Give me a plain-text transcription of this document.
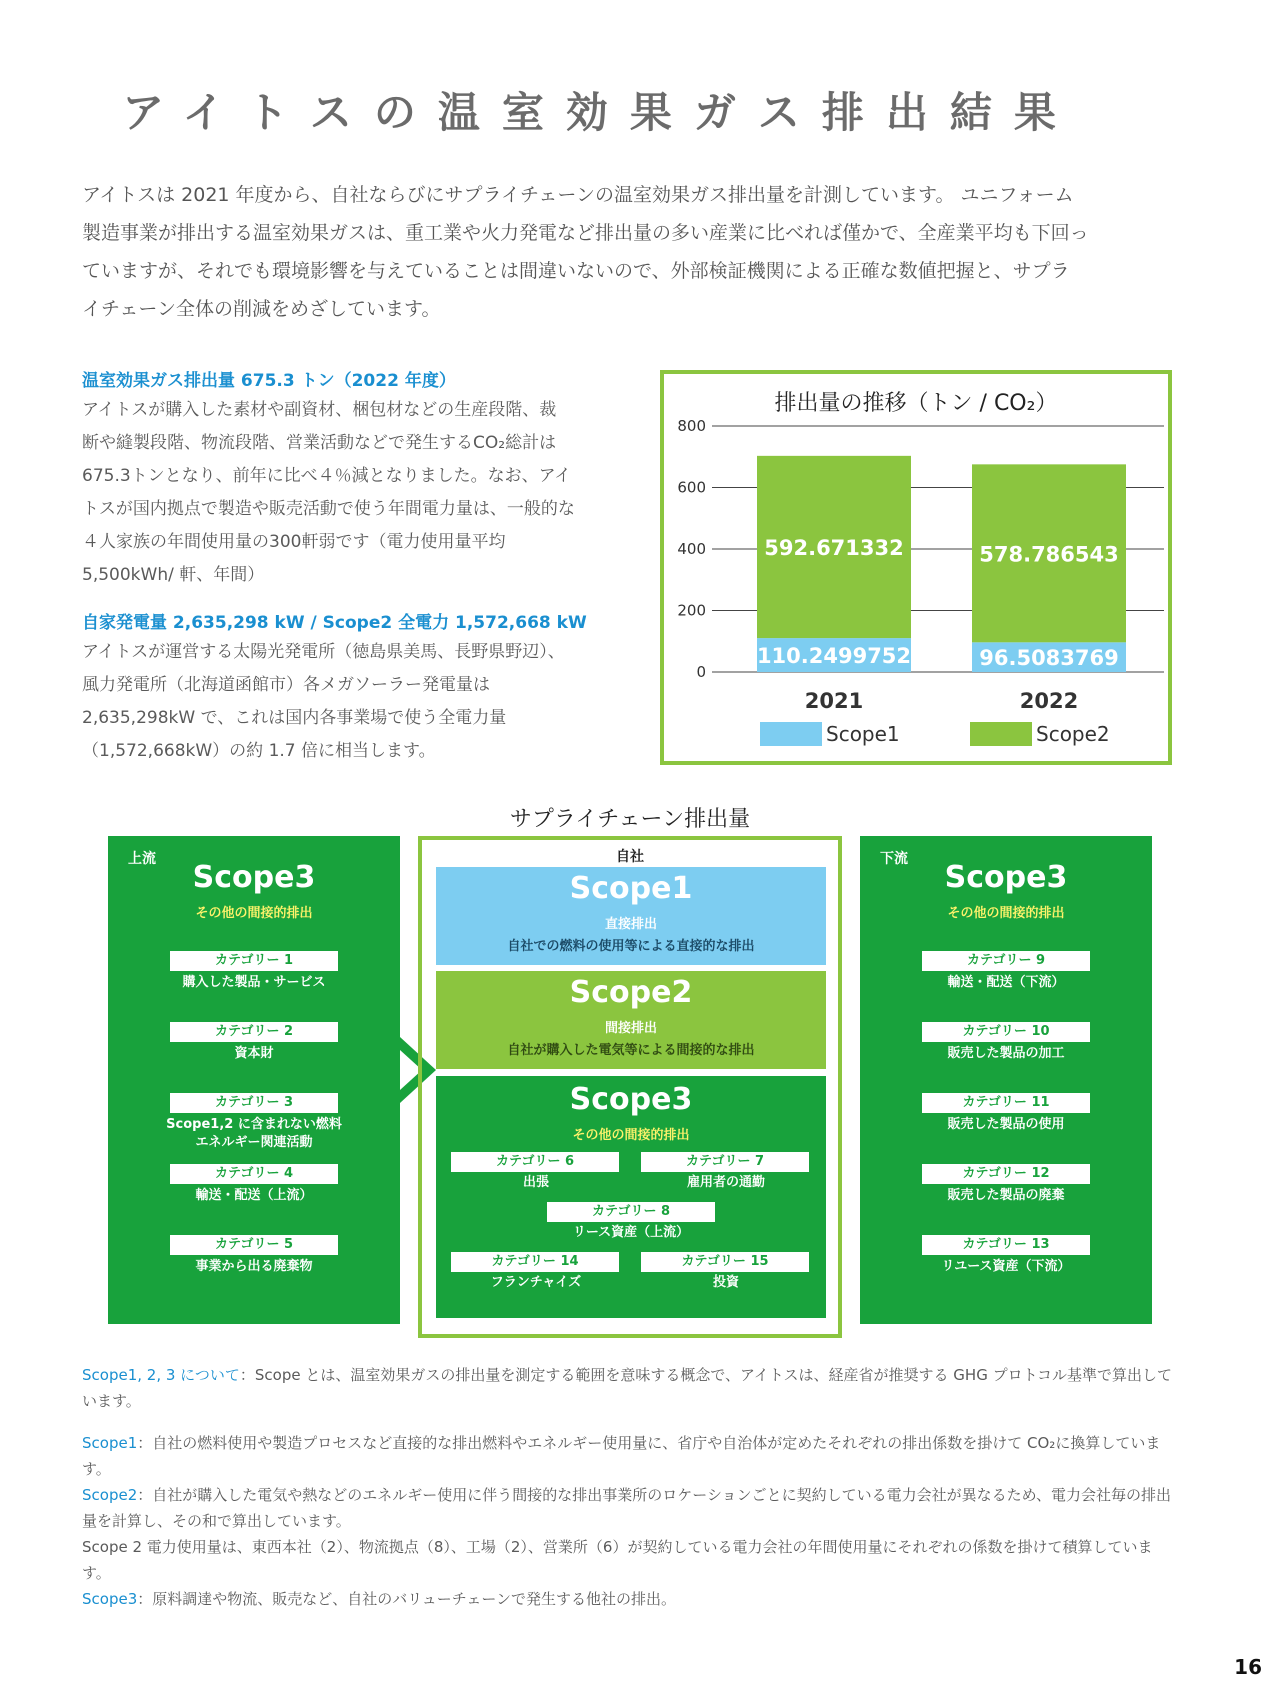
アイトスの温室効果ガス排出結果

アイトスは 2021 年度から、自社ならびにサプライチェーンの温室効果ガス排出量を計測しています。 ユニフォーム

製造事業が排出する温室効果ガスは、重工業や火力発電など排出量の多い産業に比べれば僅かで、全産業平均も下回っ

ていますが、それでも環境影響を与えていることは間違いないので、外部検証機関による正確な数値把握と、サプラ

イチェーン全体の削減をめざしています。

温室効果ガス排出量 675.3 トン（2022 年度）

アイトスが購入した素材や副資材、梱包材などの生産段階、裁

断や縫製段階、物流段階、営業活動などで発生するCO₂総計は

675.3トンとなり、前年に比べ４％減となりました。なお、アイ

トスが国内拠点で製造や販売活動で使う年間電力量は、一般的な

４人家族の年間使用量の300軒弱です（電力使用量平均

5,500kWh/ 軒、年間）

自家発電量 2,635,298 kW / Scope2 全電力 1,572,668 kW

アイトスが運営する太陽光発電所（徳島県美馬、長野県野辺）、

風力発電所（北海道函館市）各メガソーラー発電量は

2,635,298kW で、これは国内各事業場で使う全電力量

（1,572,668kW）の約 1.7 倍に相当します。

排出量の推移（トン / CO₂）
0
200
400
600
800
110.2499752
592.671332
2021
96.5083769
578.786543
2022
Scope1	Scope2
サプライチェーン排出量
上流
Scope3
その他の間接的排出
カテゴリー 1
購入した製品・サービス
カテゴリー 2
資本財
カテゴリー 3
Scope1,2 に含まれない燃料
エネルギー関連活動
カテゴリー 4
輸送・配送（上流）
カテゴリー 5
事業から出る廃棄物
自社
Scope1
直接排出
自社での燃料の使用等による直接的な排出
Scope2
間接排出
自社が購入した電気等による間接的な排出
Scope3
その他の間接的排出
カテゴリー 6
出張
カテゴリー 7
雇用者の通勤
カテゴリー 8
リース資産（上流）
カテゴリー 14
フランチャイズ
カテゴリー 15
投資
下流
Scope3
その他の間接的排出
カテゴリー 9
輸送・配送（下流）
カテゴリー 10
販売した製品の加工
カテゴリー 11
販売した製品の使用
カテゴリー 12
販売した製品の廃棄
カテゴリー 13
リユース資産（下流）

Scope1, 2, 3 について：Scope とは、温室効果ガスの排出量を測定する範囲を意味する概念で、アイトスは、経産省が推奨する GHG プロトコル基準で算出しています。

Scope1：自社の燃料使用や製造プロセスなど直接的な排出燃料やエネルギー使用量に、省庁や自治体が定めたそれぞれの排出係数を掛けて CO₂に換算しています。

Scope2：自社が購入した電気や熱などのエネルギー使用に伴う間接的な排出事業所のロケーションごとに契約している電力会社が異なるため、電力会社毎の排出量を計算し、その和で算出しています。

Scope 2 電力使用量は、東西本社（2）、物流拠点（8）、工場（2）、営業所（6）が契約している電力会社の年間使用量にそれぞれの係数を掛けて積算しています。

Scope3：原料調達や物流、販売など、自社のバリューチェーンで発生する他社の排出。

16
